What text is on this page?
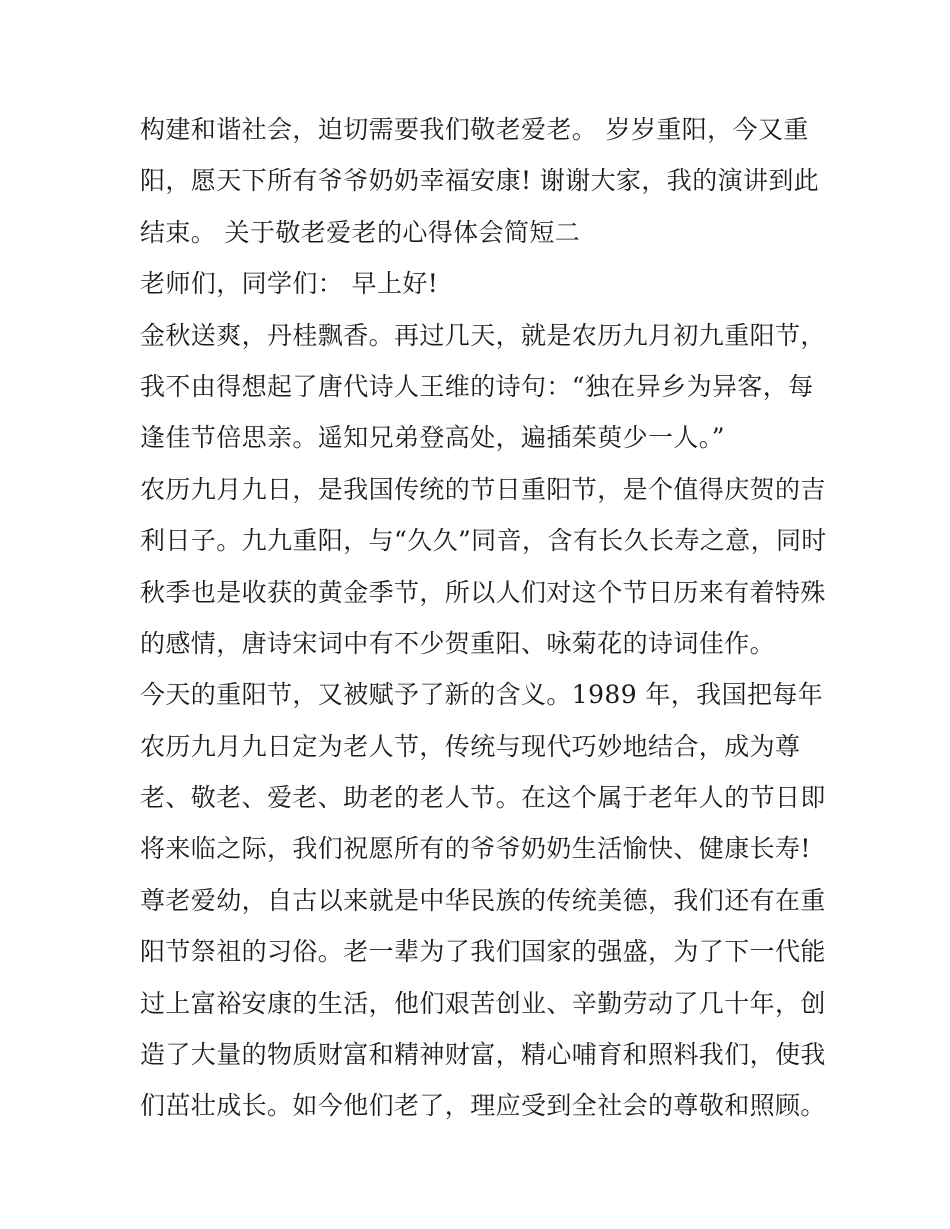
构建和谐社会，迫切需要我们敬老爱老。 岁岁重阳，今又重
阳，愿天下所有爷爷奶奶幸福安康! 谢谢大家，我的演讲到此
结束。 关于敬老爱老的心得体会简短二
老师们，同学们： 早上好!
金秋送爽，丹桂飘香。再过几天，就是农历九月初九重阳节，
我不由得想起了唐代诗人王维的诗句：“独在异乡为异客，每
逢佳节倍思亲。遥知兄弟登高处，遍插茱萸少一人。”
农历九月九日，是我国传统的节日重阳节，是个值得庆贺的吉
利日子。九九重阳，与“久久”同音，含有长久长寿之意，同时
秋季也是收获的黄金季节，所以人们对这个节日历来有着特殊
的感情，唐诗宋词中有不少贺重阳、咏菊花的诗词佳作。
今天的重阳节，又被赋予了新的含义。1989 年，我国把每年
农历九月九日定为老人节，传统与现代巧妙地结合，成为尊
老、敬老、爱老、助老的老人节。在这个属于老年人的节日即
将来临之际，我们祝愿所有的爷爷奶奶生活愉快、健康长寿!
尊老爱幼，自古以来就是中华民族的传统美德，我们还有在重
阳节祭祖的习俗。老一辈为了我们国家的强盛，为了下一代能
过上富裕安康的生活，他们艰苦创业、辛勤劳动了几十年，创
造了大量的物质财富和精神财富，精心哺育和照料我们，使我
们茁壮成长。如今他们老了，理应受到全社会的尊敬和照顾。
